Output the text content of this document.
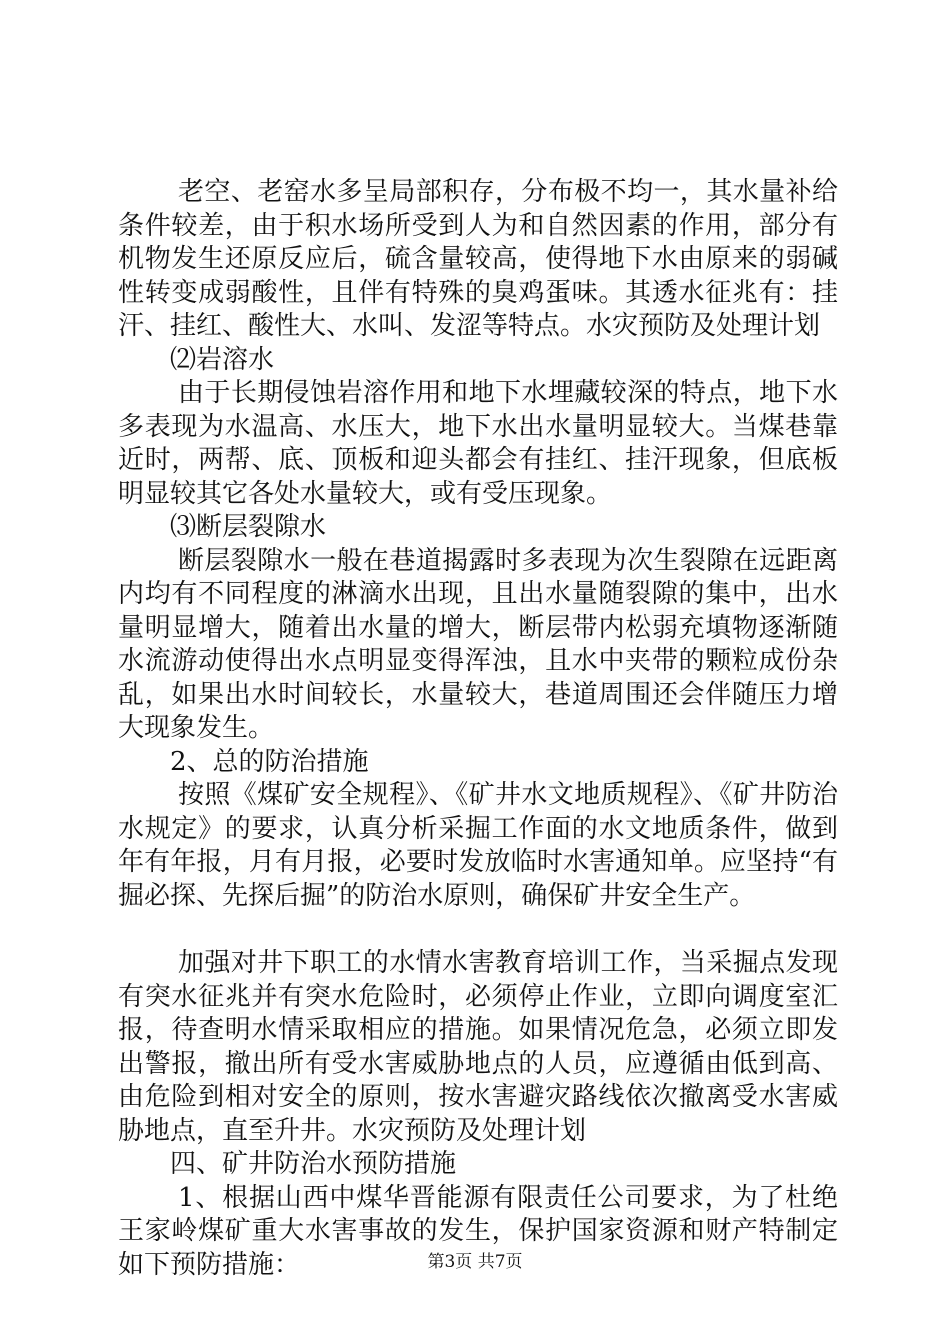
老空、老窑水多呈局部积存，分布极不均一，其水量补给条件较差，由于积水场所受到人为和自然因素的作用，部分有机物发生还原反应后，硫含量较高，使得地下水由原来的弱碱性转变成弱酸性，且伴有特殊的臭鸡蛋味。其透水征兆有：挂汗、挂红、酸性大、水叫、发涩等特点。水灾预防及处理计划

⑵岩溶水

由于长期侵蚀岩溶作用和地下水埋藏较深的特点，地下水多表现为水温高、水压大，地下水出水量明显较大。当煤巷靠近时，两帮、底、顶板和迎头都会有挂红、挂汗现象，但底板明显较其它各处水量较大，或有受压现象。

⑶断层裂隙水

断层裂隙水一般在巷道揭露时多表现为次生裂隙在远距离内均有不同程度的淋滴水出现，且出水量随裂隙的集中，出水量明显增大，随着出水量的增大，断层带内松弱充填物逐渐随水流游动使得出水点明显变得浑浊，且水中夹带的颗粒成份杂乱，如果出水时间较长，水量较大，巷道周围还会伴随压力增大现象发生。

2、总的防治措施

按照《煤矿安全规程》、《矿井水文地质规程》、《矿井防治水规定》的要求，认真分析采掘工作面的水文地质条件，做到年有年报，月有月报，必要时发放临时水害通知单。应坚持“有掘必探、先探后掘”的防治水原则，确保矿井安全生产。

加强对井下职工的水情水害教育培训工作，当采掘点发现有突水征兆并有突水危险时，必须停止作业，立即向调度室汇报，待查明水情采取相应的措施。如果情况危急，必须立即发出警报，撤出所有受水害威胁地点的人员，应遵循由低到高、由危险到相对安全的原则，按水害避灾路线依次撤离受水害威胁地点，直至升井。水灾预防及处理计划

四、矿井防治水预防措施

1、根据山西中煤华晋能源有限责任公司要求，为了杜绝王家岭煤矿重大水害事故的发生，保护国家资源和财产特制定如下预防措施：	第3页 共7页
